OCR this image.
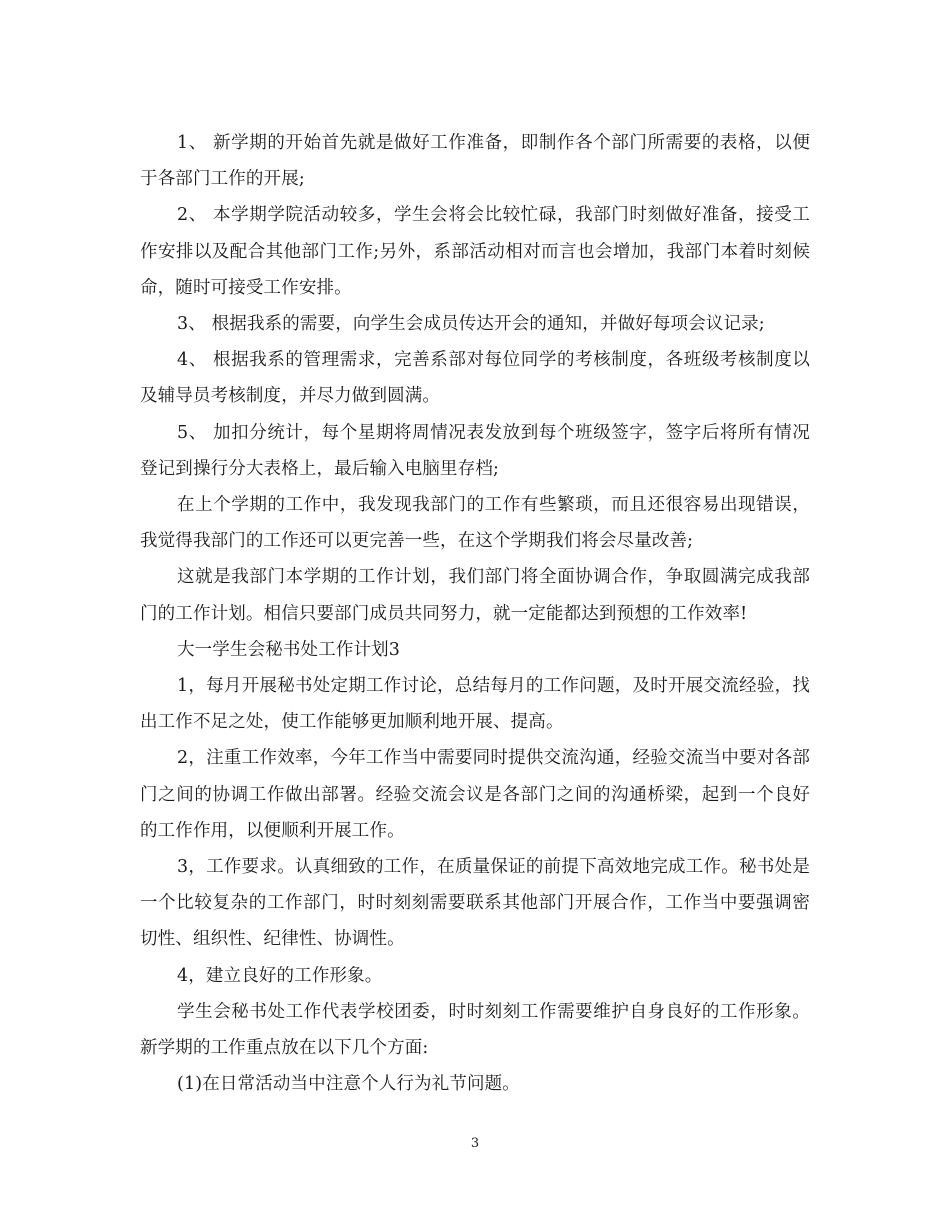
1、 新学期的开始首先就是做好工作准备，即制作各个部门所需要的表格，以便于各部门工作的开展;

2、 本学期学院活动较多，学生会将会比较忙碌，我部门时刻做好准备，接受工作安排以及配合其他部门工作;另外，系部活动相对而言也会增加，我部门本着时刻候命，随时可接受工作安排。

3、 根据我系的需要，向学生会成员传达开会的通知，并做好每项会议记录;

4、 根据我系的管理需求，完善系部对每位同学的考核制度，各班级考核制度以及辅导员考核制度，并尽力做到圆满。

5、 加扣分统计，每个星期将周情况表发放到每个班级签字，签字后将所有情况登记到操行分大表格上，最后输入电脑里存档;

在上个学期的工作中，我发现我部门的工作有些繁琐，而且还很容易出现错误，我觉得我部门的工作还可以更完善一些，在这个学期我们将会尽量改善;

这就是我部门本学期的工作计划，我们部门将全面协调合作，争取圆满完成我部门的工作计划。相信只要部门成员共同努力，就一定能都达到预想的工作效率!

大一学生会秘书处工作计划3

1，每月开展秘书处定期工作讨论，总结每月的工作问题，及时开展交流经验，找出工作不足之处，使工作能够更加顺利地开展、提高。

2，注重工作效率，今年工作当中需要同时提供交流沟通，经验交流当中要对各部门之间的协调工作做出部署。经验交流会议是各部门之间的沟通桥梁，起到一个良好的工作作用，以便顺利开展工作。

3，工作要求。认真细致的工作，在质量保证的前提下高效地完成工作。秘书处是一个比较复杂的工作部门，时时刻刻需要联系其他部门开展合作，工作当中要强调密切性、组织性、纪律性、协调性。

4，建立良好的工作形象。

学生会秘书处工作代表学校团委，时时刻刻工作需要维护自身良好的工作形象。新学期的工作重点放在以下几个方面:

(1)在日常活动当中注意个人行为礼节问题。

3
